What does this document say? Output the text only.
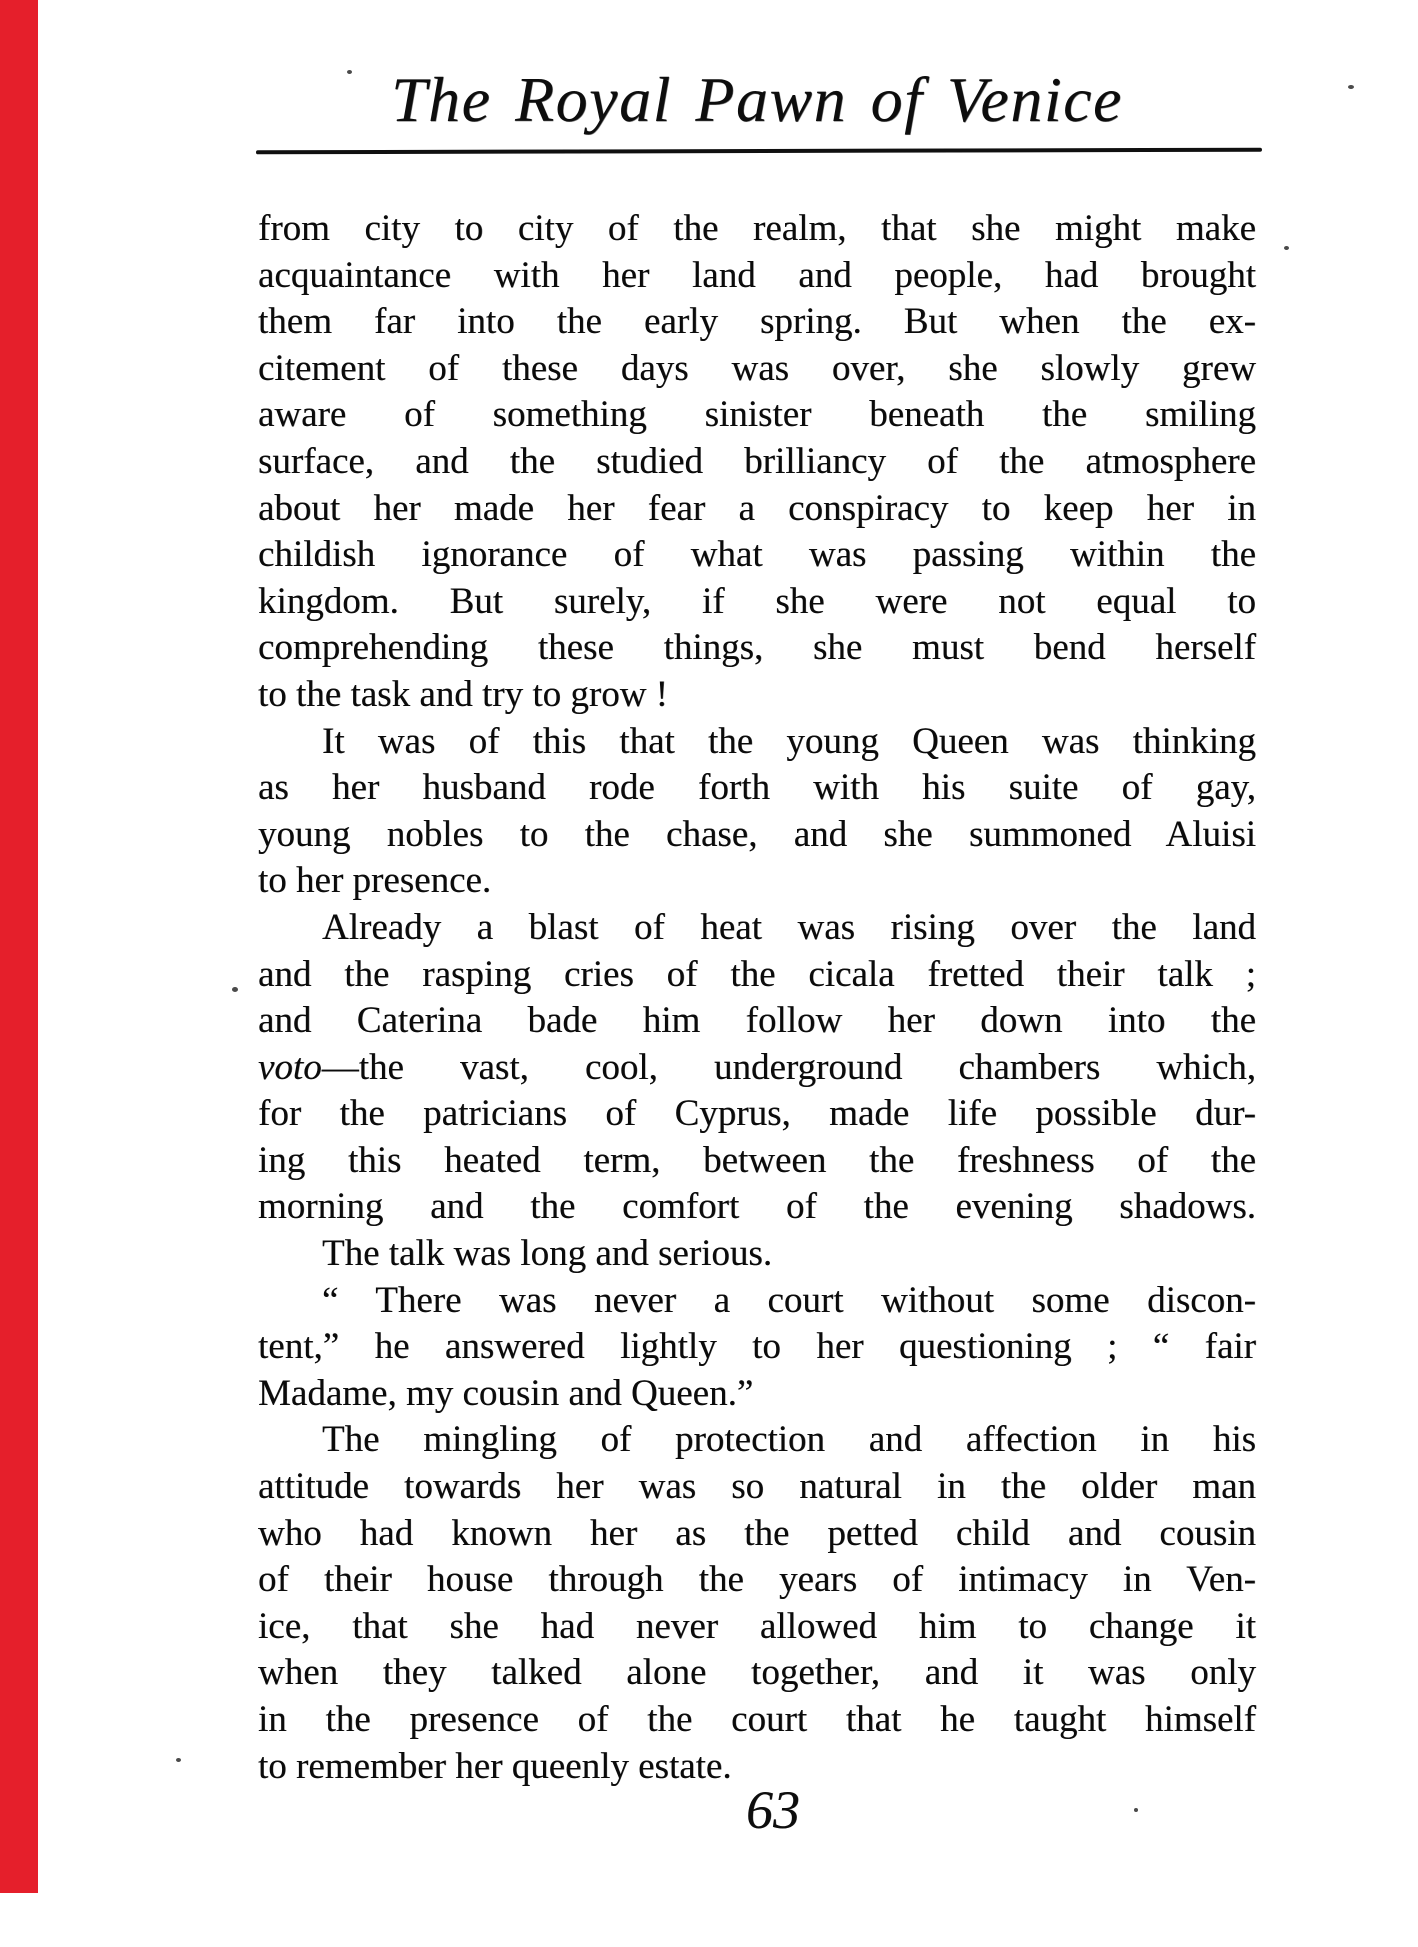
The Royal Pawn of Venice
from city to city of the realm, that she might make
acquaintance with her land and people, had brought
them far into the early spring. But when the ex-
citement of these days was over, she slowly grew
aware of something sinister beneath the smiling
surface, and the studied brilliancy of the atmosphere
about her made her fear a conspiracy to keep her in
childish ignorance of what was passing within the
kingdom. But surely, if she were not equal to
comprehending these things, she must bend herself
to the task and try to grow !
It was of this that the young Queen was thinking
as her husband rode forth with his suite of gay,
young nobles to the chase, and she summoned Aluisi
to her presence.
Already a blast of heat was rising over the land
and the rasping cries of the cicala fretted their talk ;
and Caterina bade him follow her down into the
voto—the vast, cool, underground chambers which,
for the patricians of Cyprus, made life possible dur-
ing this heated term, between the freshness of the
morning and the comfort of the evening shadows.
The talk was long and serious.
“ There was never a court without some discon-
tent,” he answered lightly to her questioning ; “ fair
Madame, my cousin and Queen.”
The mingling of protection and affection in his
attitude towards her was so natural in the older man
who had known her as the petted child and cousin
of their house through the years of intimacy in Ven-
ice, that she had never allowed him to change it
when they talked alone together, and it was only
in the presence of the court that he taught himself
to remember her queenly estate.
63
